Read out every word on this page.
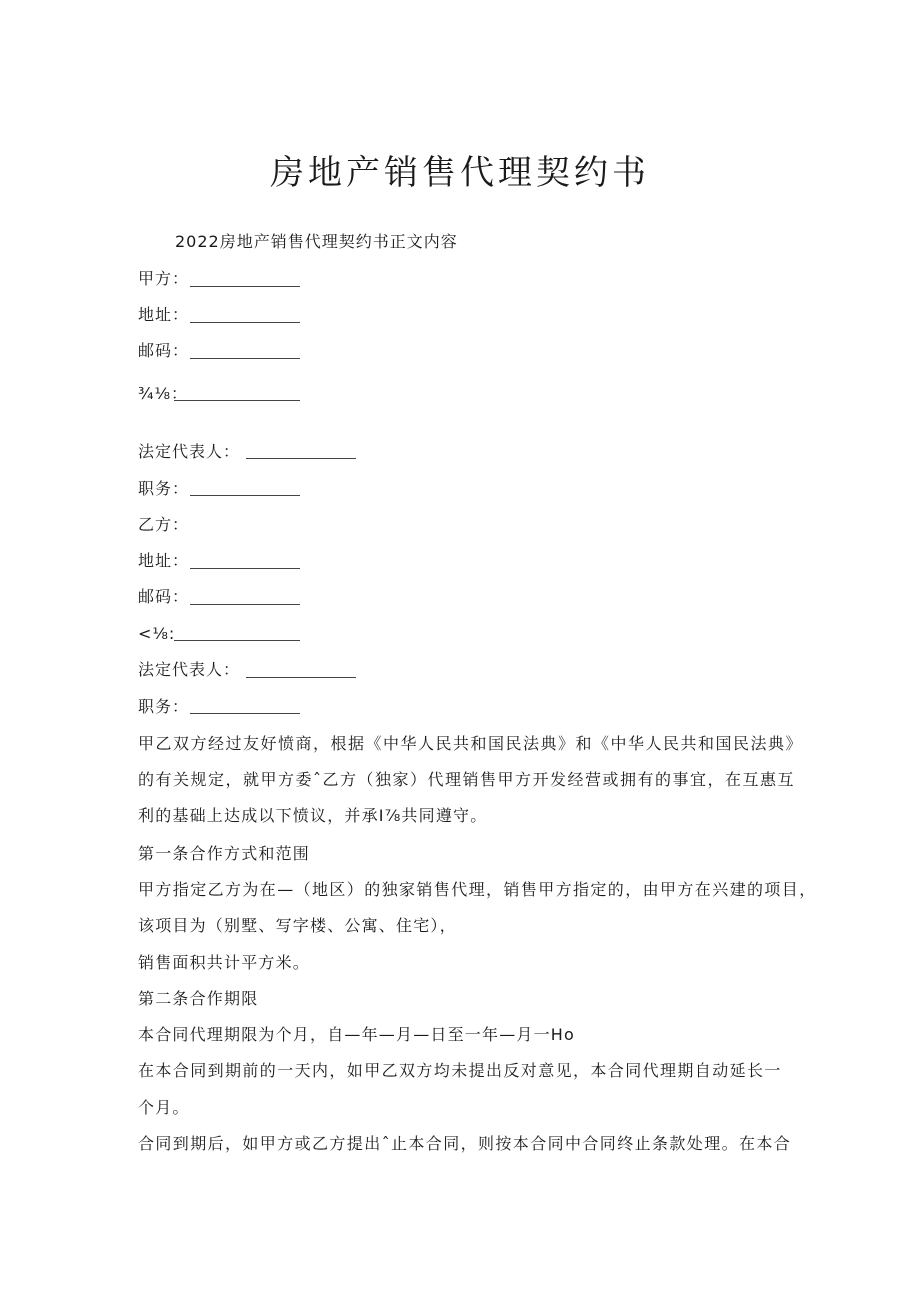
房地产销售代理契约书
2022房地产销售代理契约书正文内容
甲方：
地址：
邮码：
¾⅛：
法定代表人：
职务：
乙方：
地址：
邮码：
<⅛:
法定代表人：
职务：
甲乙双方经过友好愤商，根据《中华人民共和国民法典》和《中华人民共和国民法典》
的有关规定，就甲方委ˆ乙方（独家）代理销售甲方开发经营或拥有的事宜，在互惠互
利的基础上达成以下愤议，并承I⅞共同遵守。
第一条合作方式和范围
甲方指定乙方为在—（地区）的独家销售代理，销售甲方指定的，由甲方在兴建的项目，
该项目为（别墅、写字楼、公寓、住宅），
销售面积共计平方米。
第二条合作期限
本合同代理期限为个月，自—年—月—日至一年—月一Ho
在本合同到期前的一天内，如甲乙双方均未提出反对意见，本合同代理期自动延长一
个月。
合同到期后，如甲方或乙方提出ˆ止本合同，则按本合同中合同终止条款处理。在本合
